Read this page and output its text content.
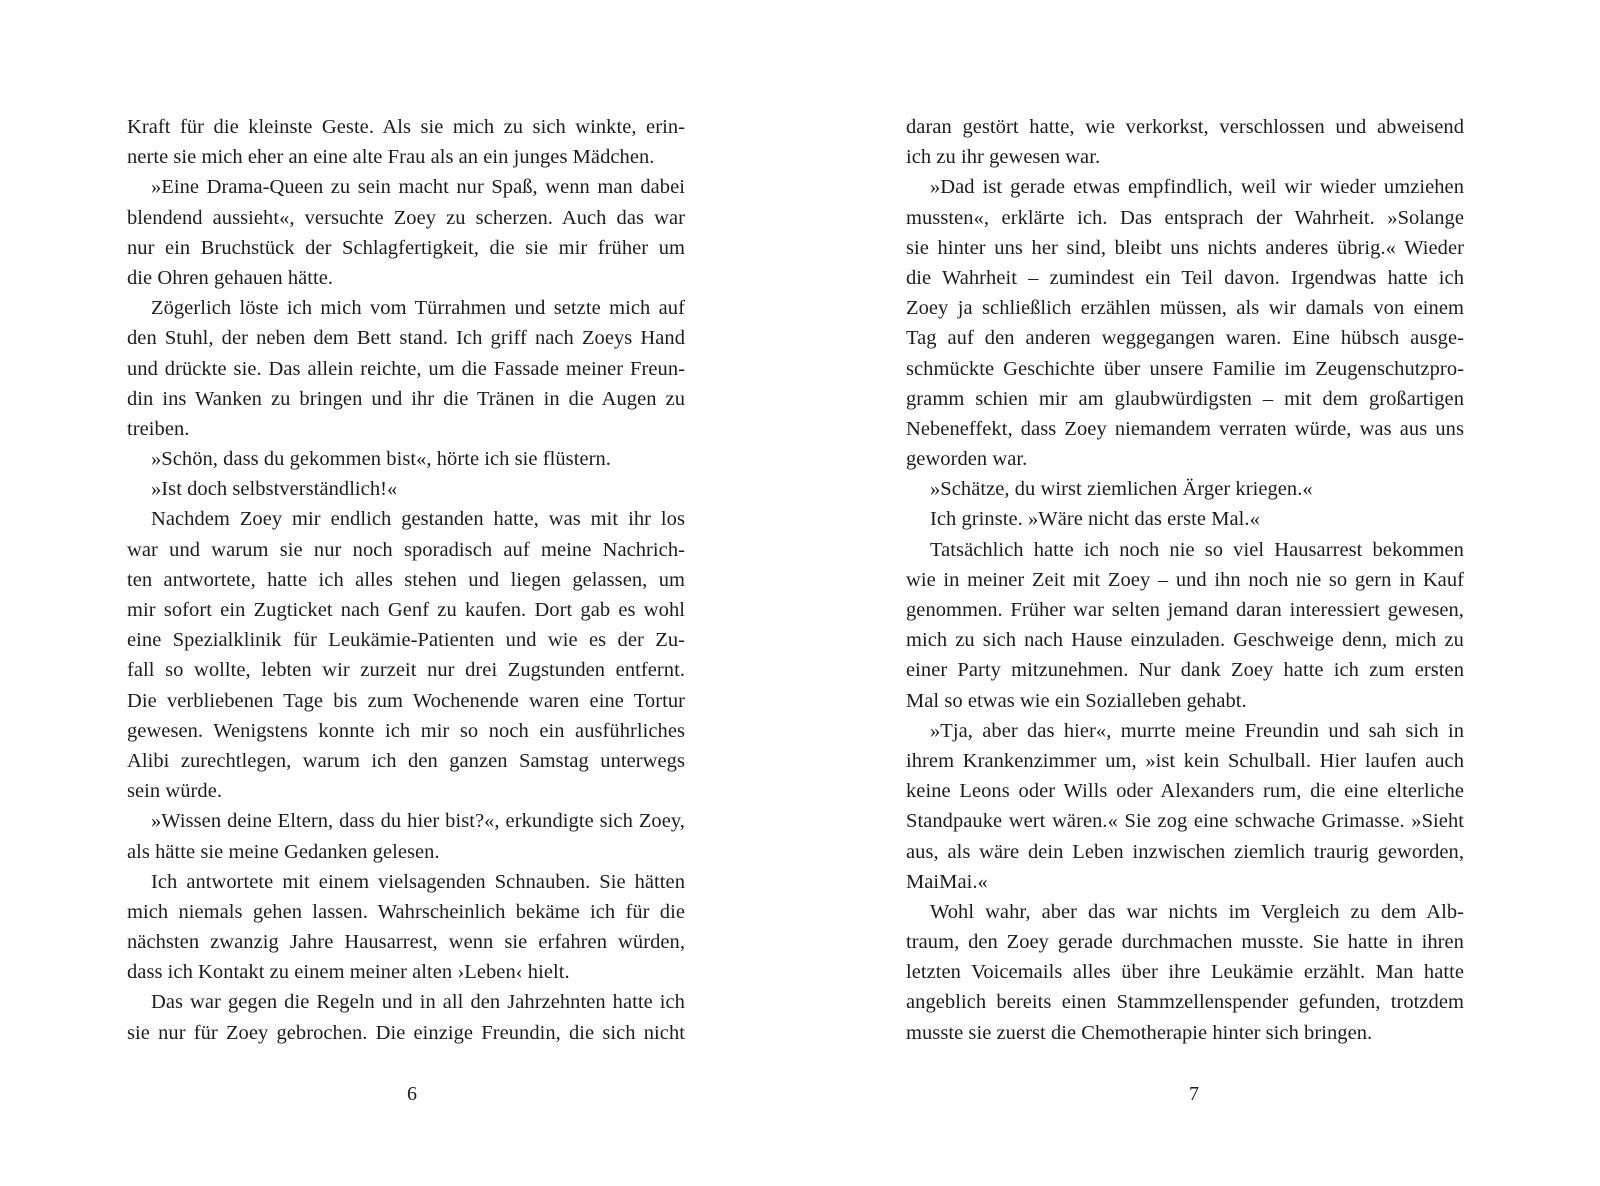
Kraft für die kleinste Geste. Als sie mich zu sich winkte, erin-
nerte sie mich eher an eine alte Frau als an ein junges Mädchen.
»Eine Drama-Queen zu sein macht nur Spaß, wenn man dabei
blendend aussieht«, versuchte Zoey zu scherzen. Auch das war
nur ein Bruchstück der Schlagfertigkeit, die sie mir früher um
die Ohren gehauen hätte.
Zögerlich löste ich mich vom Türrahmen und setzte mich auf
den Stuhl, der neben dem Bett stand. Ich griff nach Zoeys Hand
und drückte sie. Das allein reichte, um die Fassade meiner Freun-
din ins Wanken zu bringen und ihr die Tränen in die Augen zu
treiben.
»Schön, dass du gekommen bist«, hörte ich sie flüstern.
»Ist doch selbstverständlich!«
Nachdem Zoey mir endlich gestanden hatte, was mit ihr los
war und warum sie nur noch sporadisch auf meine Nachrich-
ten antwortete, hatte ich alles stehen und liegen gelassen, um
mir sofort ein Zugticket nach Genf zu kaufen. Dort gab es wohl
eine Spezialklinik für Leukämie-Patienten und wie es der Zu-
fall so wollte, lebten wir zurzeit nur drei Zugstunden entfernt.
Die verbliebenen Tage bis zum Wochenende waren eine Tortur
gewesen. Wenigstens konnte ich mir so noch ein ausführliches
Alibi zurechtlegen, warum ich den ganzen Samstag unterwegs
sein würde.
»Wissen deine Eltern, dass du hier bist?«, erkundigte sich Zoey,
als hätte sie meine Gedanken gelesen.
Ich antwortete mit einem vielsagenden Schnauben. Sie hätten
mich niemals gehen lassen. Wahrscheinlich bekäme ich für die
nächsten zwanzig Jahre Hausarrest, wenn sie erfahren würden,
dass ich Kontakt zu einem meiner alten ›Leben‹ hielt.
Das war gegen die Regeln und in all den Jahrzehnten hatte ich
sie nur für Zoey gebrochen. Die einzige Freundin, die sich nicht
6
daran gestört hatte, wie verkorkst, verschlossen und abweisend
ich zu ihr gewesen war.
»Dad ist gerade etwas empfindlich, weil wir wieder umziehen
mussten«, erklärte ich. Das entsprach der Wahrheit. »Solange
sie hinter uns her sind, bleibt uns nichts anderes übrig.« Wieder
die Wahrheit – zumindest ein Teil davon. Irgendwas hatte ich
Zoey ja schließlich erzählen müssen, als wir damals von einem
Tag auf den anderen weggegangen waren. Eine hübsch ausge-
schmückte Geschichte über unsere Familie im Zeugenschutzpro-
gramm schien mir am glaubwürdigsten – mit dem großartigen
Nebeneffekt, dass Zoey niemandem verraten würde, was aus uns
geworden war.
»Schätze, du wirst ziemlichen Ärger kriegen.«
Ich grinste. »Wäre nicht das erste Mal.«
Tatsächlich hatte ich noch nie so viel Hausarrest bekommen
wie in meiner Zeit mit Zoey – und ihn noch nie so gern in Kauf
genommen. Früher war selten jemand daran interessiert gewesen,
mich zu sich nach Hause einzuladen. Geschweige denn, mich zu
einer Party mitzunehmen. Nur dank Zoey hatte ich zum ersten
Mal so etwas wie ein Sozialleben gehabt.
»Tja, aber das hier«, murrte meine Freundin und sah sich in
ihrem Krankenzimmer um, »ist kein Schulball. Hier laufen auch
keine Leons oder Wills oder Alexanders rum, die eine elterliche
Standpauke wert wären.« Sie zog eine schwache Grimasse. »Sieht
aus, als wäre dein Leben inzwischen ziemlich traurig geworden,
MaiMai.«
Wohl wahr, aber das war nichts im Vergleich zu dem Alb-
traum, den Zoey gerade durchmachen musste. Sie hatte in ihren
letzten Voicemails alles über ihre Leukämie erzählt. Man hatte
angeblich bereits einen Stammzellenspender gefunden, trotzdem
musste sie zuerst die Chemotherapie hinter sich bringen.
7
